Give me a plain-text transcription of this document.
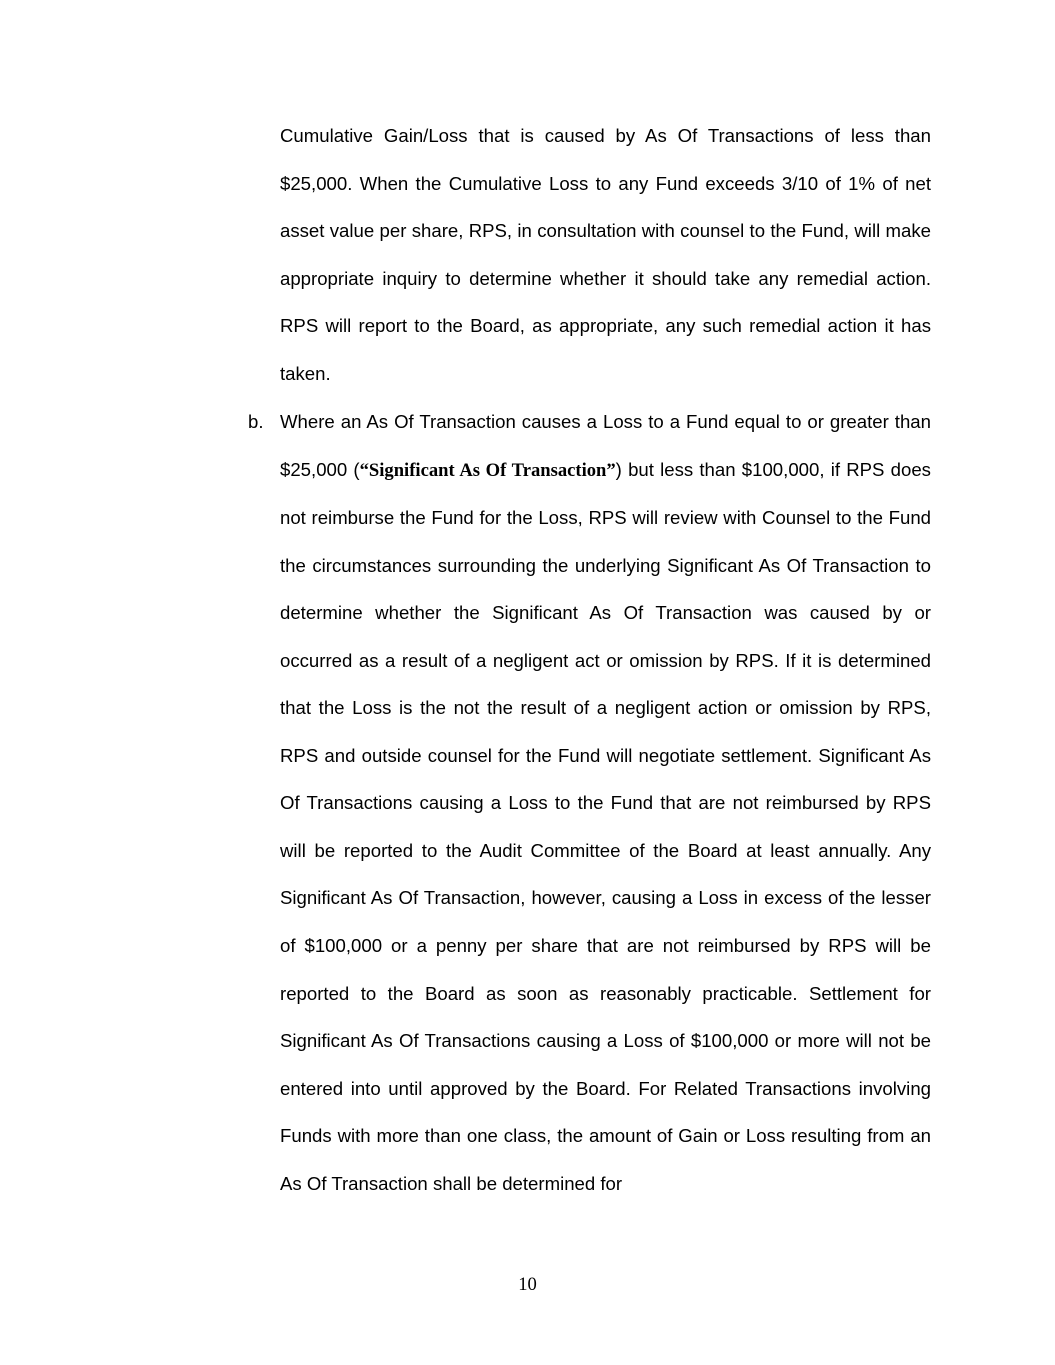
Cumulative Gain/Loss that is caused by As Of Transactions of less than $25,000. When the Cumulative Loss to any Fund exceeds 3/10 of 1% of net asset value per share, RPS, in consultation with counsel to the Fund, will make appropriate inquiry to determine whether it should take any remedial action. RPS will report to the Board, as appropriate, any such remedial action it has taken.
b. Where an As Of Transaction causes a Loss to a Fund equal to or greater than $25,000 (“Significant As Of Transaction”) but less than $100,000, if RPS does not reimburse the Fund for the Loss, RPS will review with Counsel to the Fund the circumstances surrounding the underlying Significant As Of Transaction to determine whether the Significant As Of Transaction was caused by or occurred as a result of a negligent act or omission by RPS. If it is determined that the Loss is the not the result of a negligent action or omission by RPS, RPS and outside counsel for the Fund will negotiate settlement. Significant As Of Transactions causing a Loss to the Fund that are not reimbursed by RPS will be reported to the Audit Committee of the Board at least annually. Any Significant As Of Transaction, however, causing a Loss in excess of the lesser of $100,000 or a penny per share that are not reimbursed by RPS will be reported to the Board as soon as reasonably practicable. Settlement for Significant As Of Transactions causing a Loss of $100,000 or more will not be entered into until approved by the Board. For Related Transactions involving Funds with more than one class, the amount of Gain or Loss resulting from an As Of Transaction shall be determined for
10
